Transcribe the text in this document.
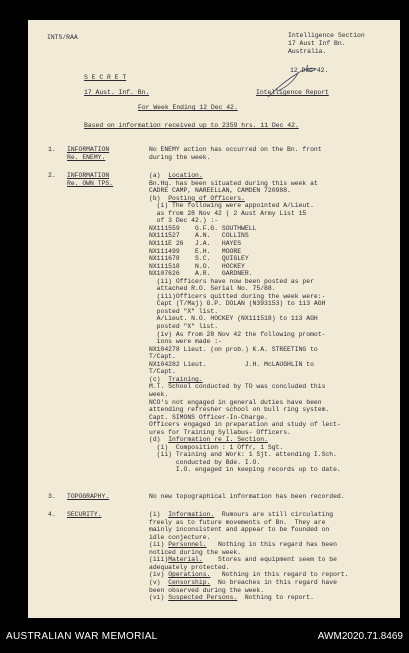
INTS/RAA	Intelligence Section
17 Aust Inf Bn.
Australia.
12 Dec 42.
S E C R E T
17 Aust. Inf. Bn.	Intelligence Report
For Week Ending 12 Dec 42.
Based on information received up to 2359 hrs. 11 Dec 42.
1. INFORMATION
Re. ENEMY.
No ENEMY action has occurred on the Bn. front
during the week.
2. INFORMATION
Re. OWN TPS.
(a)  Location.
Bn.Hq. has been situated during this week at
CADRE CAMP, NAREELLAN, CAMDEN 720988.
(b)  Posting of Officers.
(i) The following were appointed A/Lieut.
as from 28 Nov 42 ( 2 Aust Army List 15
of 3 Dec 42.) :-
NX111559    G.F.G. SOUTHWELL
NX111527    A.N.   COLLINS
NX111E 26   J.A.   HAYES
NX111499    E.H.   MOORE
NX111678    S.C.   QUIGLEY
NX111518    N.O.   HOCKEY
NX107626    A.R.   GARDNER.
(ii) Officers have now been posted as per
attached R.O. Serial No. 75/88.
(iii)Officers quitted during the week were:-
Capt (T/Maj) G.P. DOLAN (N393153) to 113 AGH
posted "X" list.
A/Lieut. N.O. HOCKEY (NX111518) to 113 AGH
posted "X" list.
(iv) As from 28 Nov 42 the following promot-
ions were made :-
NX104278 Lieut. (on prob.) K.A. STREETING to
T/Capt.
NX104282 Lieut.          J.H. McLAUGHLIN to
T/Capt.
(c)  Training.
M.T. School conducted by TO was concluded this
week.
NCO's not engaged in general duties have been
attending refresher school on bull ring system.
Capt. SIMONS Officer-In-Charge.
Officers engaged in preparation and study of lect-
ures for Training Syllabus- Officers.
(d)  Information re I. Section.
(i)  Composition : 1 Offr, 1 Sgt.
(ii) Training and Work: 1 Sjt. attending I.Sch.
conducted by Bde. I.O.
I.O. engaged in keeping records up to date.
3. TOPOGRAPHY.	No new topographical information has been recorded.
4. SECURITY.	(i)  Information.  Rumours are still circulating
freely as to future movements of Bn.  They are
mainly inconsistent and appear to be founded on
idle conjecture.
(ii) Personnel.   Nothing in this regard has been
noticed during the week.
(iii)Material.    Stores and equipment seem to be
adequately protected.
(iv) Operations.   Nothing in this regard to report.
(v)  Censorship.  No breaches in this regard have
been observed during the week.
(vi) Suspected Persons.  Nothing to report.
AUSTRALIAN WAR MEMORIAL	AWM2020.71.8469
